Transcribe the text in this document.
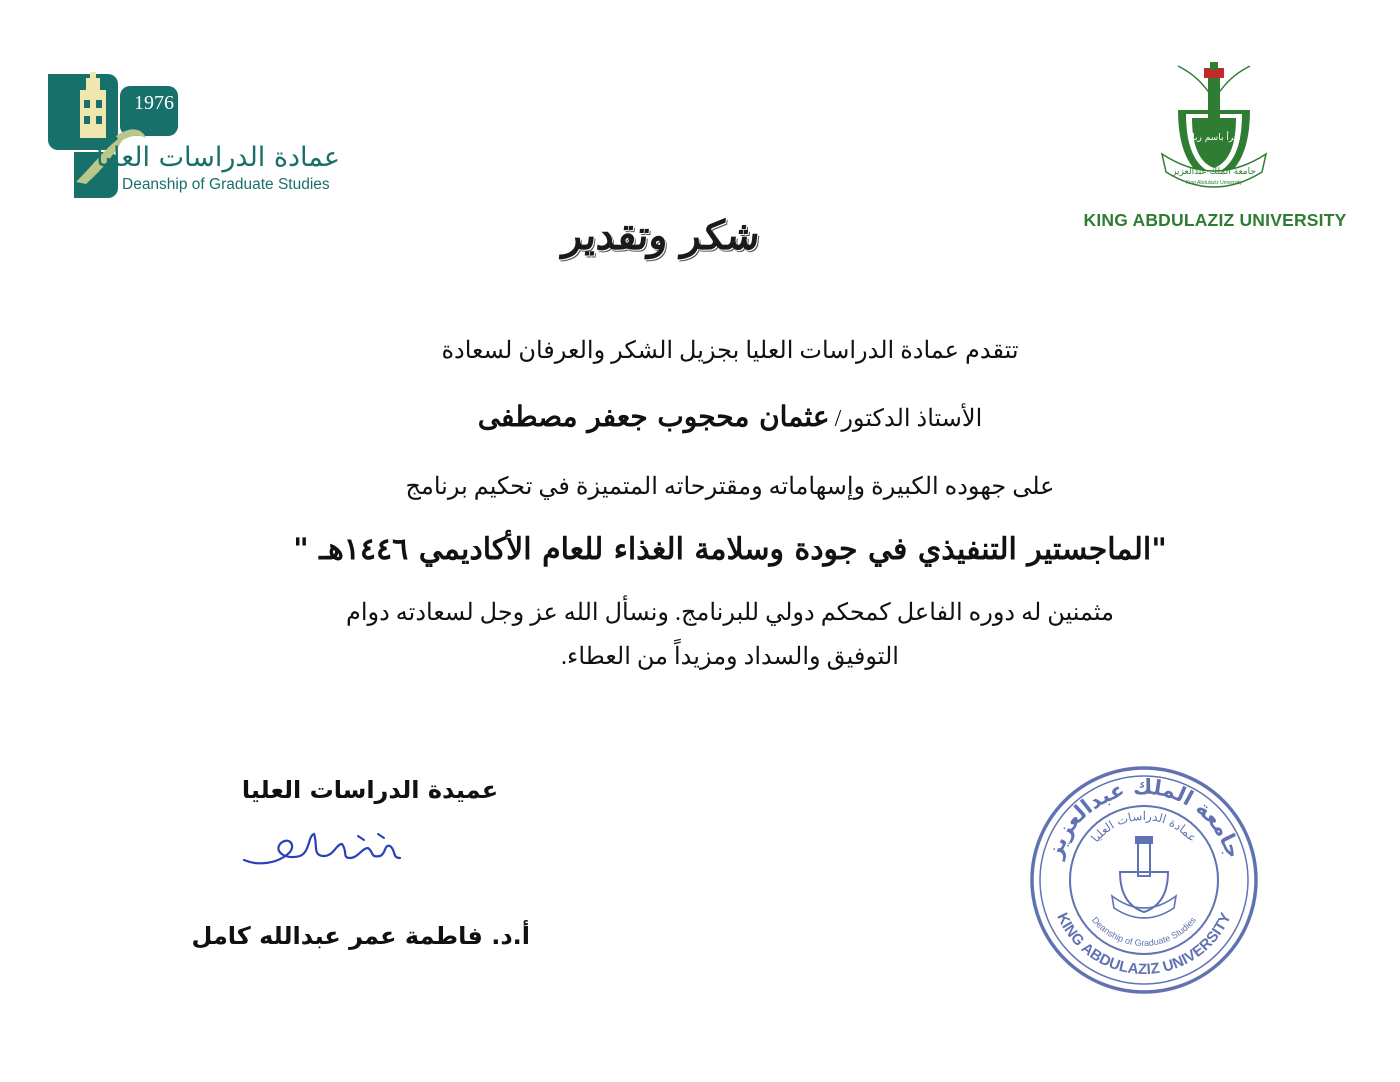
1976
عمادة الدراسات العليا
Deanship of Graduate Studies
اقرأ باسم ربك
جامعة الملك عبدالعزيز
King Abdulaziz University
KING ABDULAZIZ UNIVERSITY
شكر وتقدير
تتقدم عمادة الدراسات العليا بجزيل الشكر والعرفان لسعادة
الأستاذ الدكتور/ عثمان محجوب جعفر مصطفى
على جهوده الكبيرة وإسهاماته ومقترحاته المتميزة في تحكيم برنامج
"الماجستير التنفيذي في جودة وسلامة الغذاء للعام الأكاديمي ١٤٤٦هـ "
مثمنين له دوره الفاعل كمحكم دولي للبرنامج. ونسأل الله عز وجل لسعادته دوام
التوفيق والسداد ومزيداً من العطاء.
عميدة الدراسات العليا
أ.د. فاطمة عمر عبدالله كامل
جامعة الملك عبدالعزيز
KING ABDULAZIZ UNIVERSITY
عمادة الدراسات العليا
Deanship of Graduate Studies
